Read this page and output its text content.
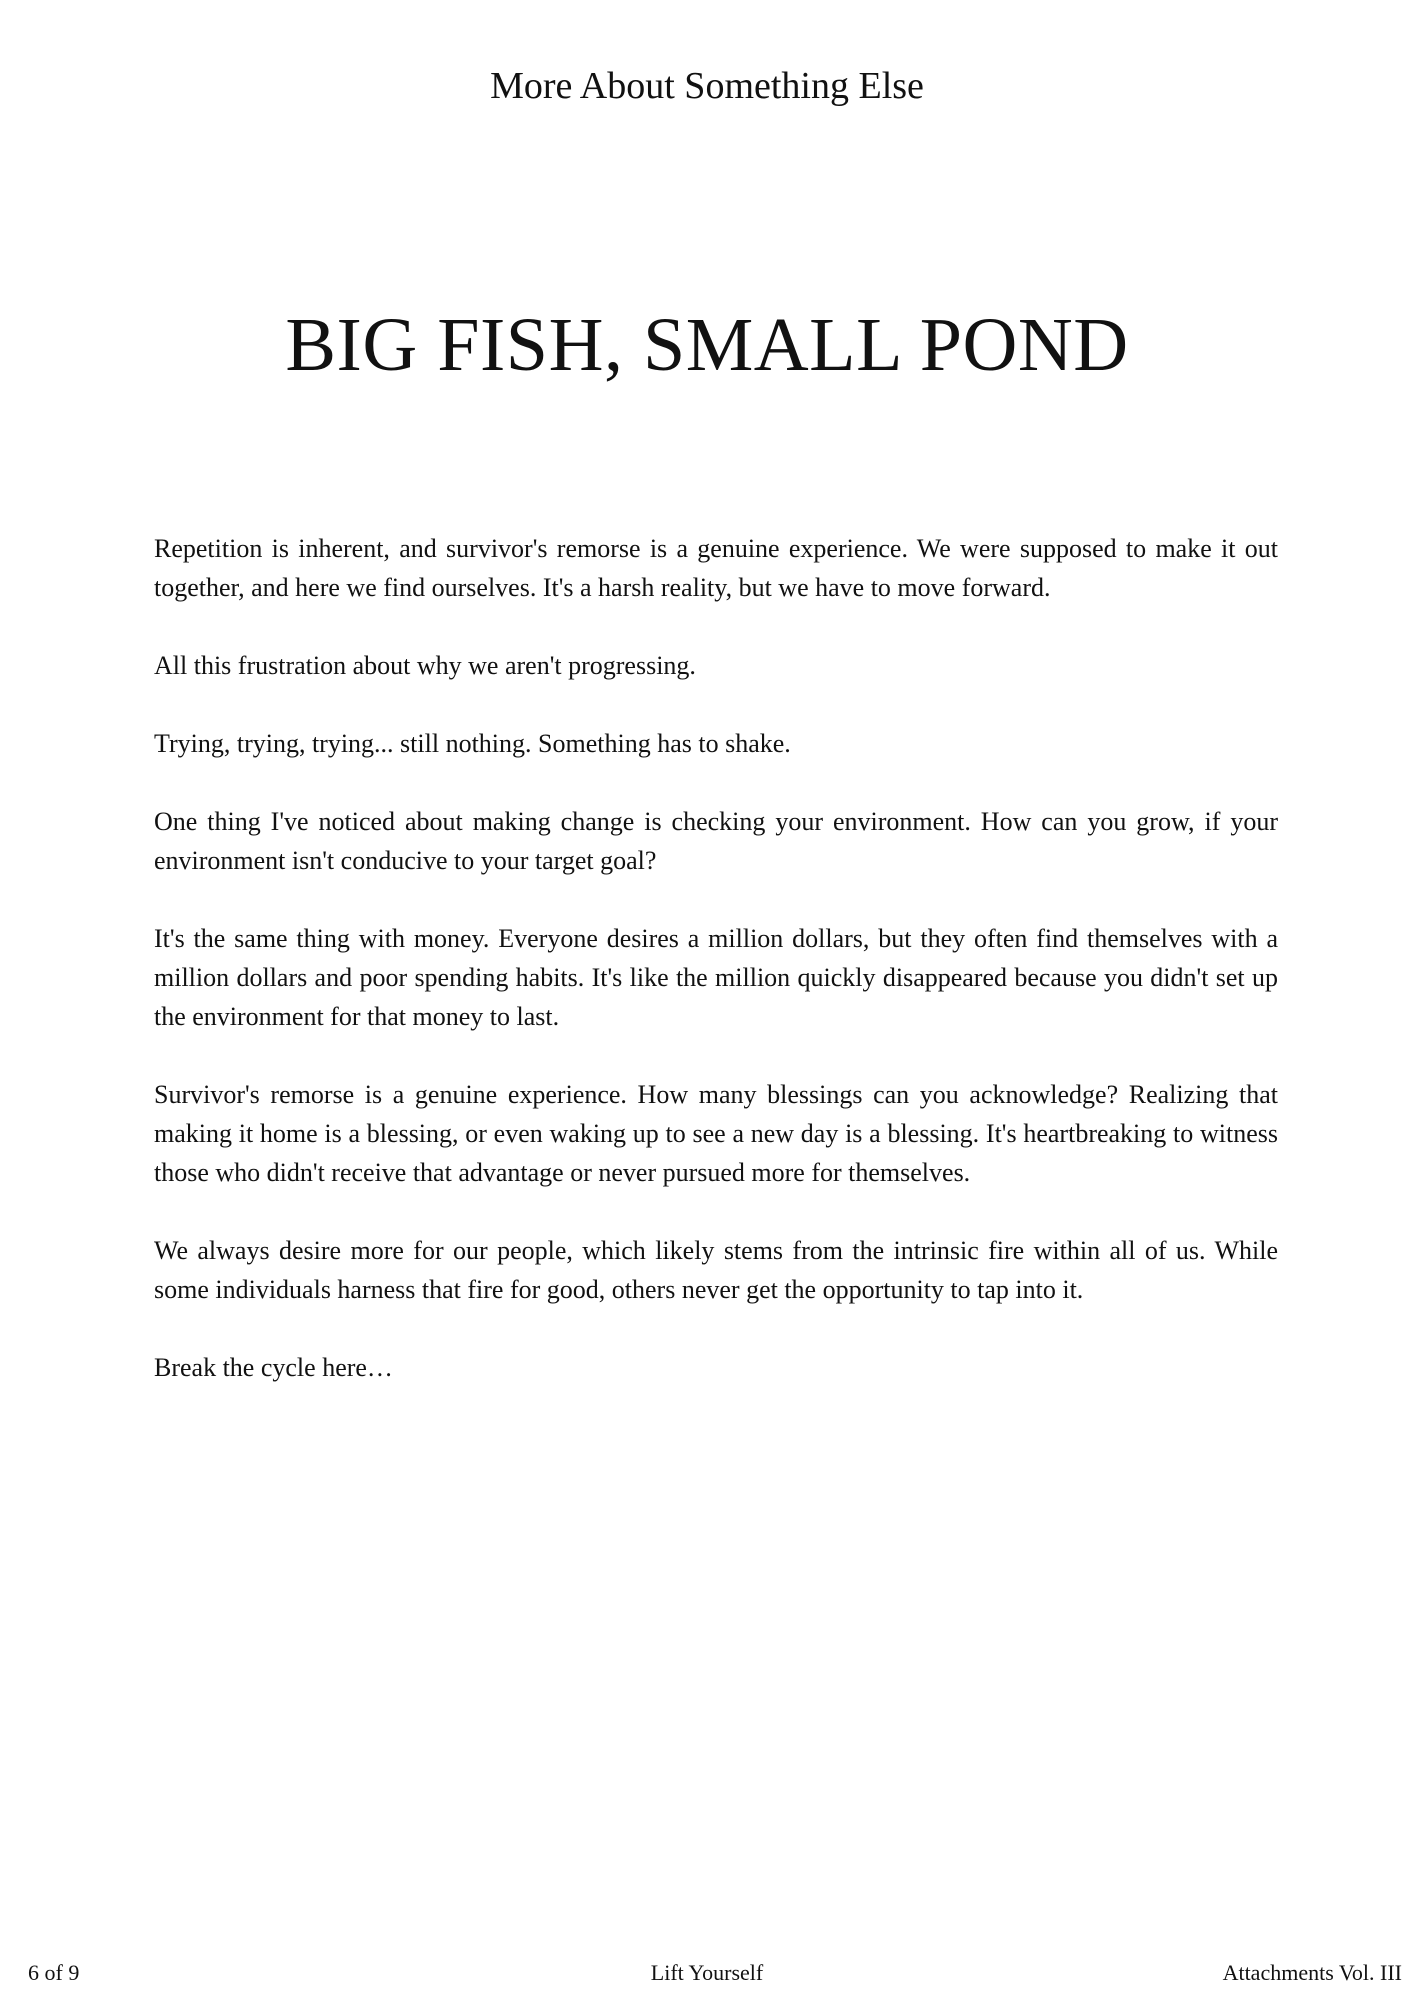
More About Something Else
BIG FISH, SMALL POND

Repetition is inherent, and survivor's remorse is a genuine experience. We were supposed to make it out together, and here we find ourselves. It's a harsh reality, but we have to move forward.

All this frustration about why we aren't progressing.

Trying, trying, trying... still nothing. Something has to shake.

One thing I've noticed about making change is checking your environment. How can you grow, if your environment isn't conducive to your target goal?

It's the same thing with money. Everyone desires a million dollars, but they often find themselves with a million dollars and poor spending habits. It's like the million quickly disappeared because you didn't set up the environment for that money to last.

Survivor's remorse is a genuine experience. How many blessings can you acknowledge? Realizing that making it home is a blessing, or even waking up to see a new day is a blessing. It's heartbreaking to witness those who didn't receive that advantage or never pursued more for themselves.

We always desire more for our people, which likely stems from the intrinsic fire within all of us. While some individuals harness that fire for good, others never get the opportunity to tap into it.

Break the cycle here…

6 of 9	Lift Yourself	Attachments Vol. III
